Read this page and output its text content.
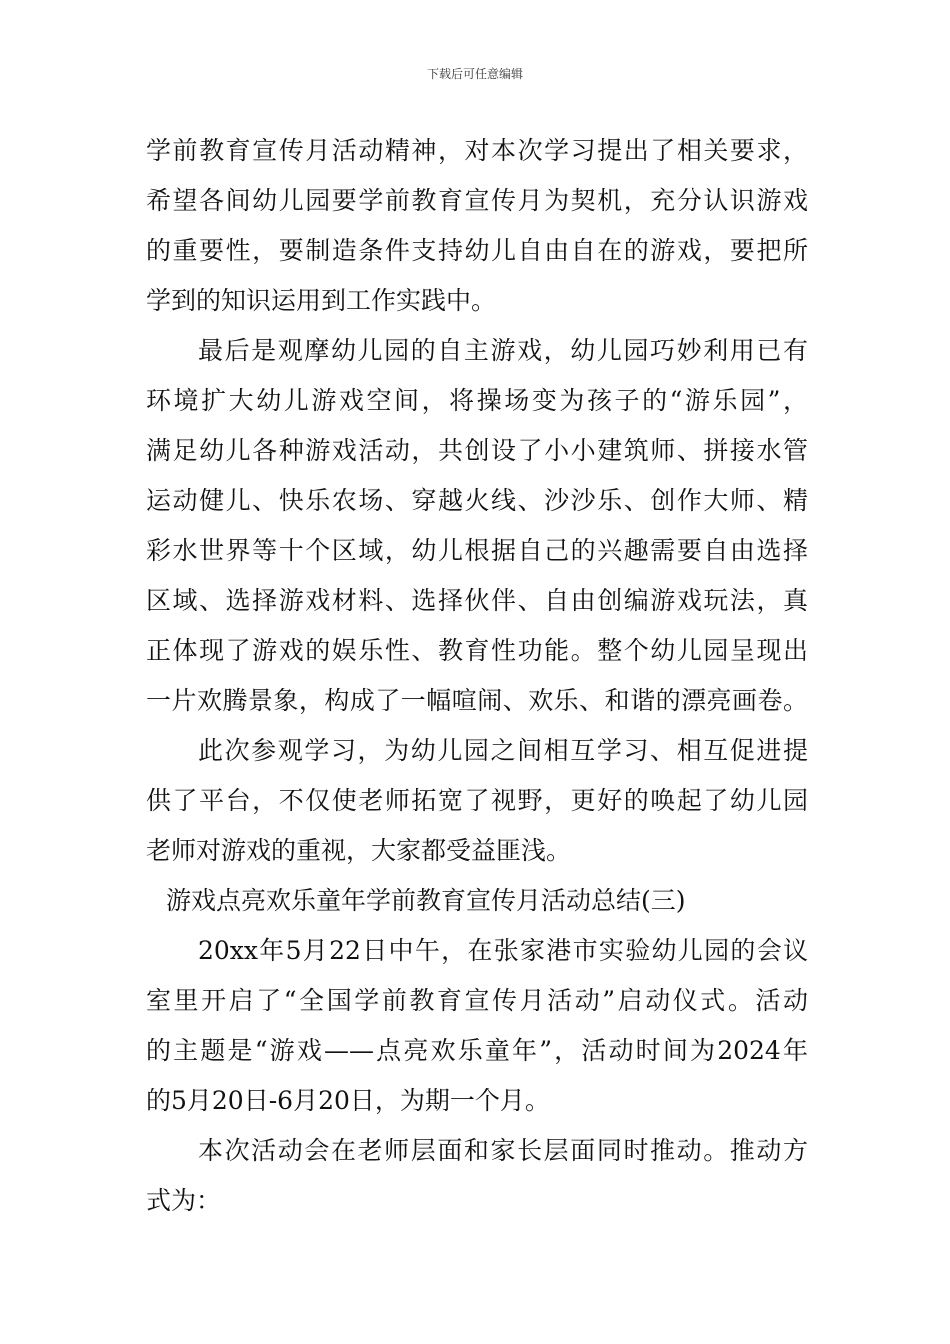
下载后可任意编辑
学前教育宣传月活动精神，对本次学习提出了相关要求，
希望各间幼儿园要学前教育宣传月为契机，充分认识游戏
的重要性，要制造条件支持幼儿自由自在的游戏，要把所
学到的知识运用到工作实践中。
最后是观摩幼儿园的自主游戏，幼儿园巧妙利用已有
环境扩大幼儿游戏空间，将操场变为孩子的“游乐园”，
满足幼儿各种游戏活动，共创设了小小建筑师、拼接水管
运动健儿、快乐农场、穿越火线、沙沙乐、创作大师、精
彩水世界等十个区域，幼儿根据自己的兴趣需要自由选择
区域、选择游戏材料、选择伙伴、自由创编游戏玩法，真
正体现了游戏的娱乐性、教育性功能。整个幼儿园呈现出
一片欢腾景象，构成了一幅喧闹、欢乐、和谐的漂亮画卷。
此次参观学习，为幼儿园之间相互学习、相互促进提
供了平台，不仅使老师拓宽了视野，更好的唤起了幼儿园
老师对游戏的重视，大家都受益匪浅。
游戏点亮欢乐童年学前教育宣传月活动总结(三)
20xx年5月22日中午，在张家港市实验幼儿园的会议
室里开启了“全国学前教育宣传月活动”启动仪式。活动
的主题是“游戏——点亮欢乐童年”，活动时间为2024年
的5月20日-6月20日，为期一个月。
本次活动会在老师层面和家长层面同时推动。推动方
式为：
